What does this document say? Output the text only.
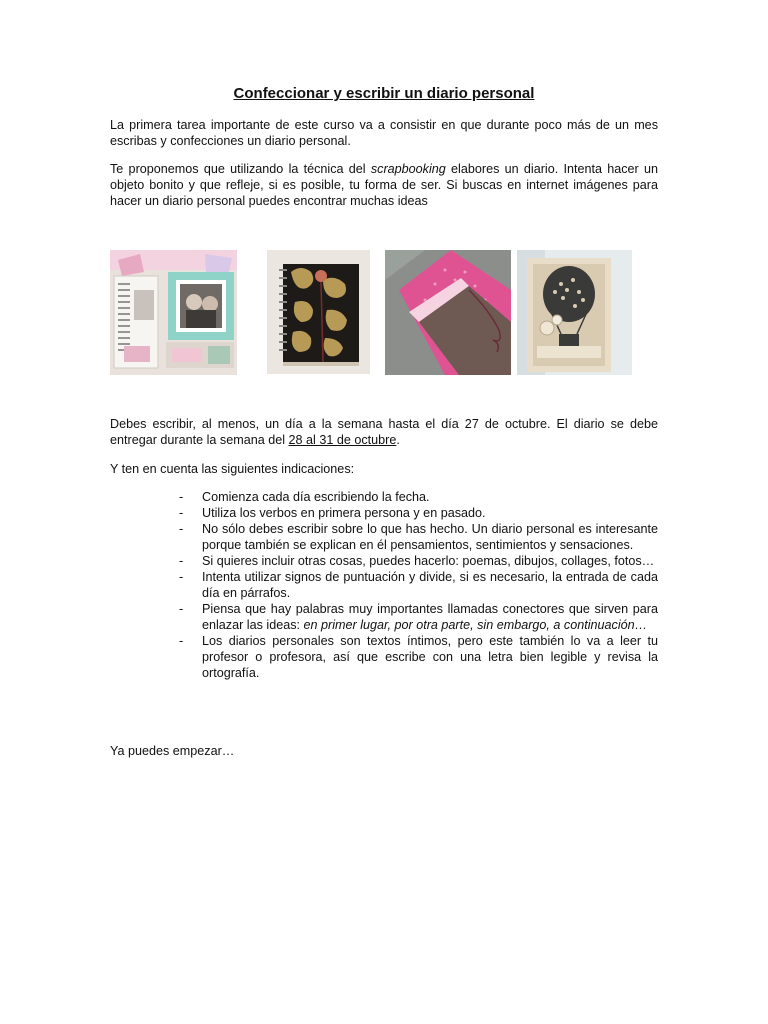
Confeccionar y escribir un diario personal

La primera tarea importante de este curso va a consistir en que durante poco más de un mes escribas y confecciones un diario personal.

Te proponemos que utilizando la técnica del scrapbooking elabores un diario. Intenta hacer un objeto bonito y que refleje, si es posible, tu forma de ser. Si buscas en internet imágenes para hacer un diario personal puedes encontrar muchas ideas

Debes escribir, al menos, un día a la semana hasta el día 27 de octubre. El diario se debe entregar durante la semana del 28 al 31 de octubre.

Y ten en cuenta las siguientes indicaciones:

- Comienza cada día escribiendo la fecha.
- Utiliza los verbos en primera persona y en pasado.
- No sólo debes escribir sobre lo que has hecho. Un diario personal es interesante porque también se explican en él pensamientos, sentimientos y sensaciones.
- Si quieres incluir otras cosas, puedes hacerlo: poemas, dibujos, collages, fotos…
- Intenta utilizar signos de puntuación y divide, si es necesario, la entrada de cada día en párrafos.
- Piensa que hay palabras muy importantes llamadas conectores que sirven para enlazar las ideas: en primer lugar, por otra parte, sin embargo, a continuación…
- Los diarios personales son textos íntimos, pero este también lo va a leer tu profesor o profesora, así que escribe con una letra bien legible y revisa la ortografía.

Ya puedes empezar…
